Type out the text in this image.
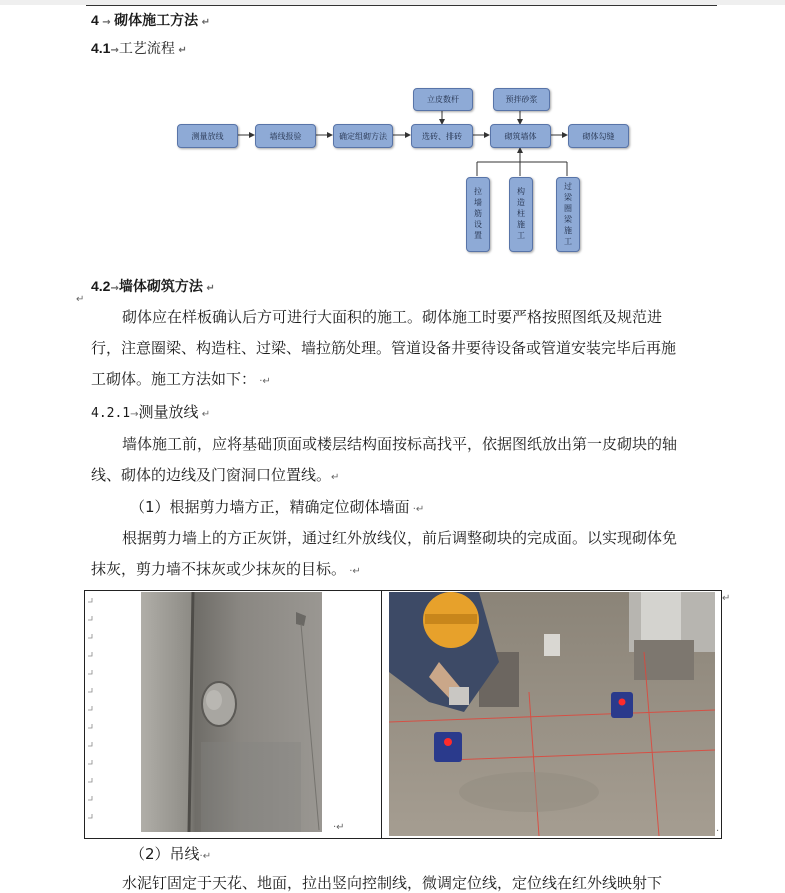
4 → 砌体施工方法 ↵
4.1→工艺流程 ↵
测量放线	墙线报验	确定组砌方法	选砖、排砖	砌筑墙体	砌体勾缝
立皮数杆	预拌砂浆
拉墙筋设置	构造柱施工	过梁圈梁施工
4.2→墙体砌筑方法 ↵
↵
砌体应在样板确认后方可进行大面积的施工。砌体施工时要严格按照图纸及规范进
行，注意圈梁、构造柱、过梁、墙拉筋处理。管道设备井要待设备或管道安装完毕后再施
工砌体。施工方法如下： ·↵
4.2.1→测量放线 ↵
墙体施工前，应将基础顶面或楼层结构面按标高找平，依据图纸放出第一皮砌块的轴
线、砌体的边线及门窗洞口位置线。↵
（1）根据剪力墙方正，精确定位砌体墙面 ·↵
根据剪力墙上的方正灰饼，通过红外放线仪，前后调整砌块的完成面。以实现砌体免
抹灰，剪力墙不抹灰或少抹灰的目标。 ·↵
·↵	·
↵
（2）吊线·↵
水泥钉固定于天花、地面，拉出竖向控制线，微调定位线，定位线在红外线映射下
